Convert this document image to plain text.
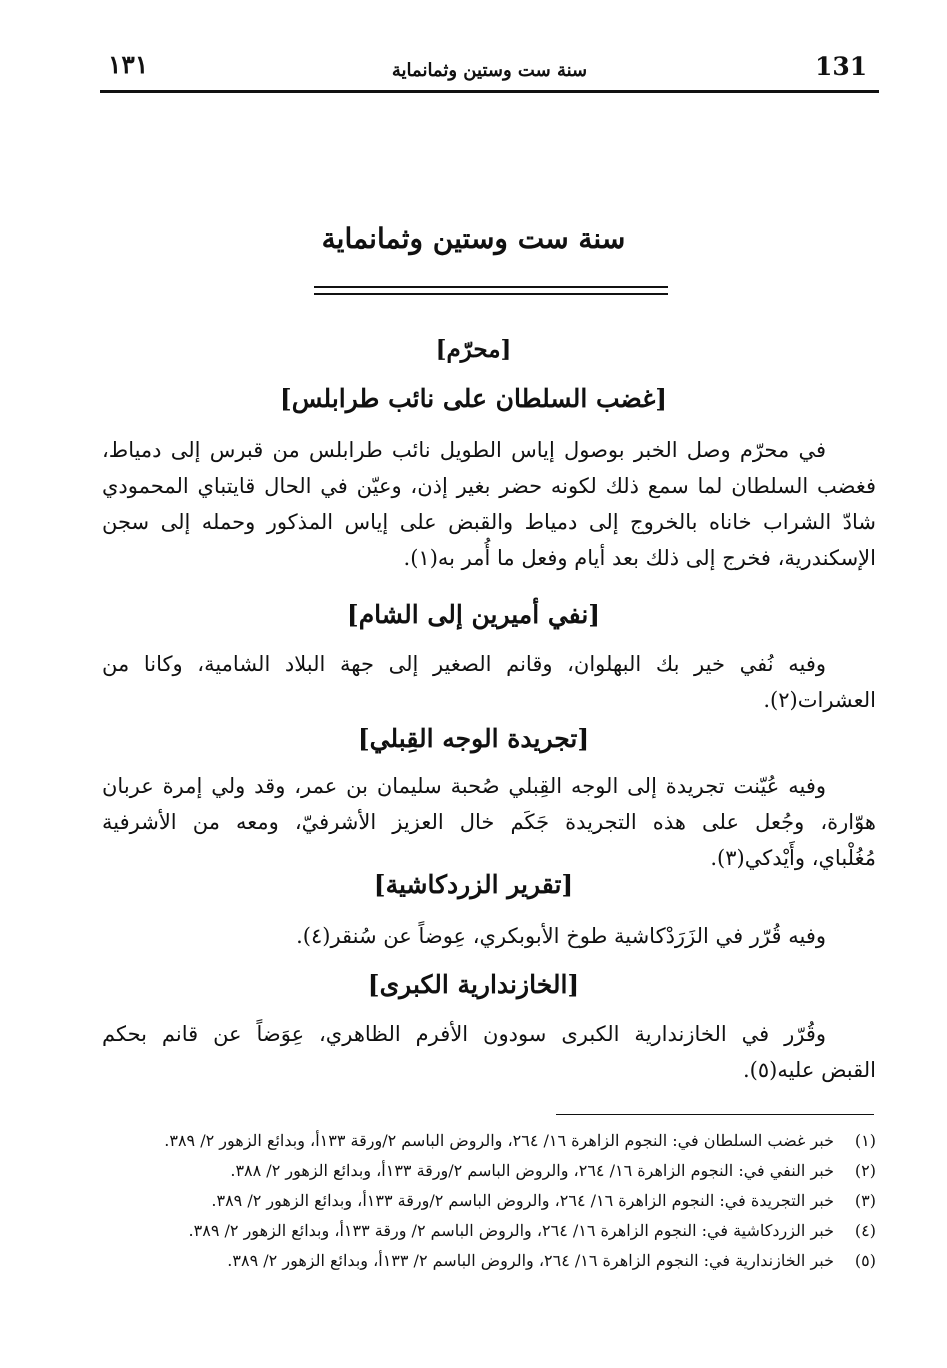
١٣١	سنة ست وستين وثمانماية	131
سنة ست وستين وثمانماية
[محرّم]
[غضب السلطان على نائب طرابلس]
في محرّم وصل الخبر بوصول إياس الطويل نائب طرابلس من قبرس إلى دمياط،
فغضب السلطان لما سمع ذلك لكونه حضر بغير إذن، وعيّن في الحال قايتباي المحمودي
شادّ الشراب خاناه بالخروج إلى دمياط والقبض على إياس المذكور وحمله إلى سجن
الإسكندرية، فخرج إلى ذلك بعد أيام وفعل ما أُمر به(١).
[نفي أميرين إلى الشام]
وفيه نُفي خير بك البهلوان، وقانم الصغير إلى جهة البلاد الشامية، وكانا من
العشرات(٢).
[تجريدة الوجه القِبلي]
وفيه عُيّنت تجريدة إلى الوجه القِبلي صُحبة سليمان بن عمر، وقد ولي إمرة عربان
هوّارة، وجُعل على هذه التجريدة جَكَم خال العزيز الأشرفيّ، ومعه من الأشرفية
مُغُلْباي، وأَيْدكي(٣).
[تقرير الزردكاشية]
وفيه قُرّر في الزَرَدْكاشية طوخ الأبوبكري، عِوضاً عن سُنقر(٤).
[الخازندارية الكبرى]
وقُرّر في الخازندارية الكبرى سودون الأفرم الظاهري، عِوَضاً عن قانم بحكم
القبض عليه(٥).
(١)
خبر غضب السلطان في: النجوم الزاهرة ١٦/ ٢٦٤، والروض الباسم ٢/ورقة ١٣٣أ، وبدائع الزهور ٢/ ٣٨٩.
(٢)
خبر النفي في: النجوم الزاهرة ١٦/ ٢٦٤، والروض الباسم ٢/ورقة ١٣٣أ، وبدائع الزهور ٢/ ٣٨٨.
(٣)
خبر التجريدة في: النجوم الزاهرة ١٦/ ٢٦٤، والروض الباسم ٢/ورقة ١٣٣أ، وبدائع الزهور ٢/ ٣٨٩.
(٤)
خبر الزردكاشية في: النجوم الزاهرة ١٦/ ٢٦٤، والروض الباسم ٢/ ورقة ١٣٣أ، وبدائع الزهور ٢/ ٣٨٩.
(٥)
خبر الخازندارية في: النجوم الزاهرة ١٦/ ٢٦٤، والروض الباسم ٢/ ١٣٣أ، وبدائع الزهور ٢/ ٣٨٩.
